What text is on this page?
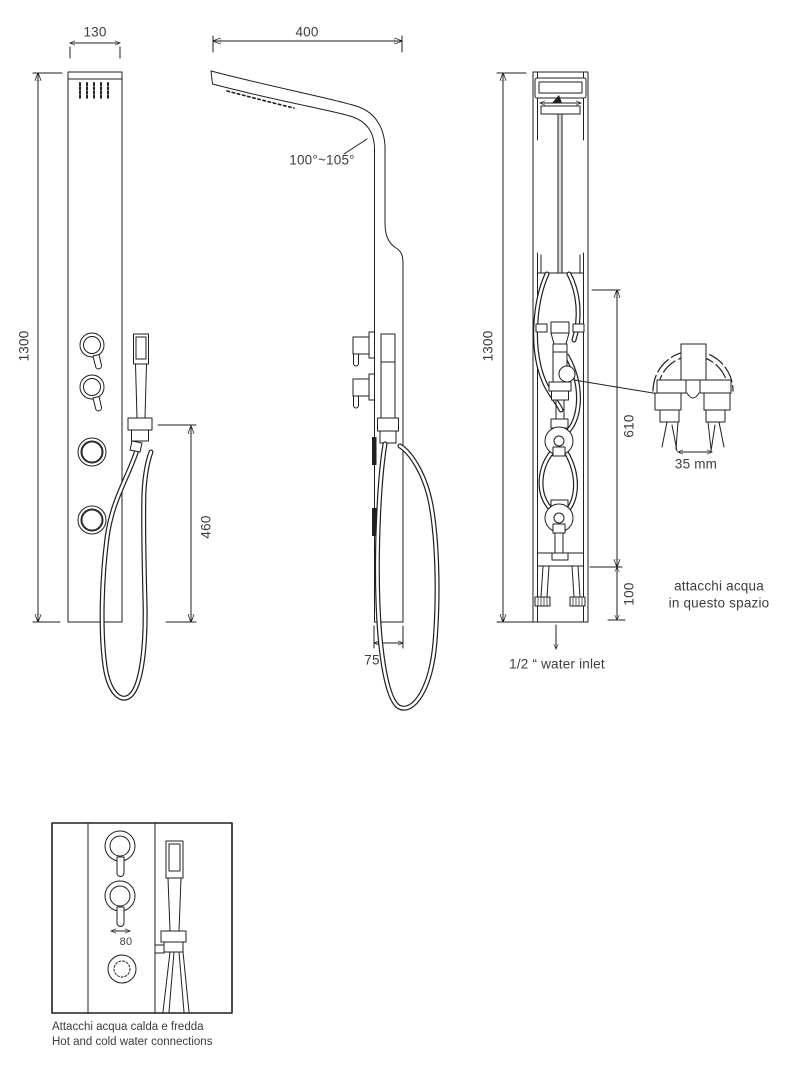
130	400
100°~105°
1300
460
75
1300
610
100
35 mm
attacchi acqua
in questo spazio
1/2 “ water inlet
80
Attacchi acqua calda e fredda
Hot and cold water connections
